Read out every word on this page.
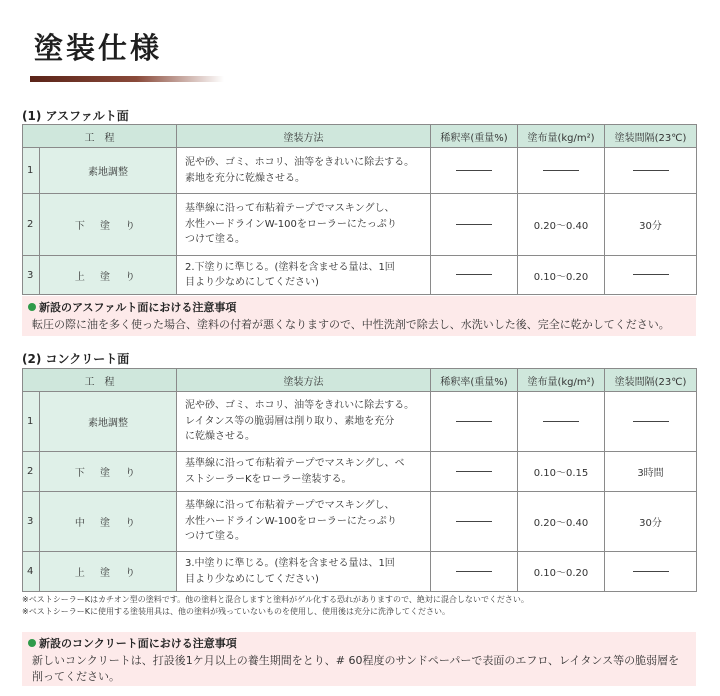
塗装仕様
(1) アスファルト面
工　程		塗装方法	稀釈率(重量%)	塗布量(kg/m²)	塗装間隔(23℃)
1	素地調整	泥や砂、ゴミ、ホコリ、油等をきれいに除去する。
素地を充分に乾燥させる。			
2	下 塗 り	基準線に沿って布粘着テープでマスキングし、
水性ハードラインW-100をローラーにたっぷり
つけて塗る。		0.20～0.40	30分
3	上 塗 り	2.下塗りに準じる。(塗料を含ませる量は、1回
目より少なめにしてください)		0.10～0.20	
新設のアスファルト面における注意事項
転圧の際に油を多く使った場合、塗料の付着が悪くなりますので、中性洗剤で除去し、水洗いした後、完全に乾かしてください。
(2) コンクリート面
工　程		塗装方法	稀釈率(重量%)	塗布量(kg/m²)	塗装間隔(23℃)
1	素地調整	泥や砂、ゴミ、ホコリ、油等をきれいに除去する。
レイタンス等の脆弱層は削り取り、素地を充分
に乾燥させる。			
2	下 塗 り	基準線に沿って布粘着テープでマスキングし、ベ
ストシーラーKをローラー塗装する。		0.10～0.15	3時間
3	中 塗 り	基準線に沿って布粘着テープでマスキングし、
水性ハードラインW-100をローラーにたっぷり
つけて塗る。		0.20～0.40	30分
4	上 塗 り	3.中塗りに準じる。(塗料を含ませる量は、1回
目より少なめにしてください)		0.10～0.20	
※ベストシーラーKはカチオン型の塗料です。他の塗料と混合しますと塗料がゲル化する恐れがありますので、絶対に混合しないでください。
※ベストシーラーKに使用する塗装用具は、他の塗料が残っていないものを使用し、使用後は充分に洗浄してください。
新設のコンクリート面における注意事項
新しいコンクリートは、打設後1ケ月以上の養生期間をとり、# 60程度のサンドペーパーで表面のエフロ、レイタンス等の脆弱層を
削ってください。
